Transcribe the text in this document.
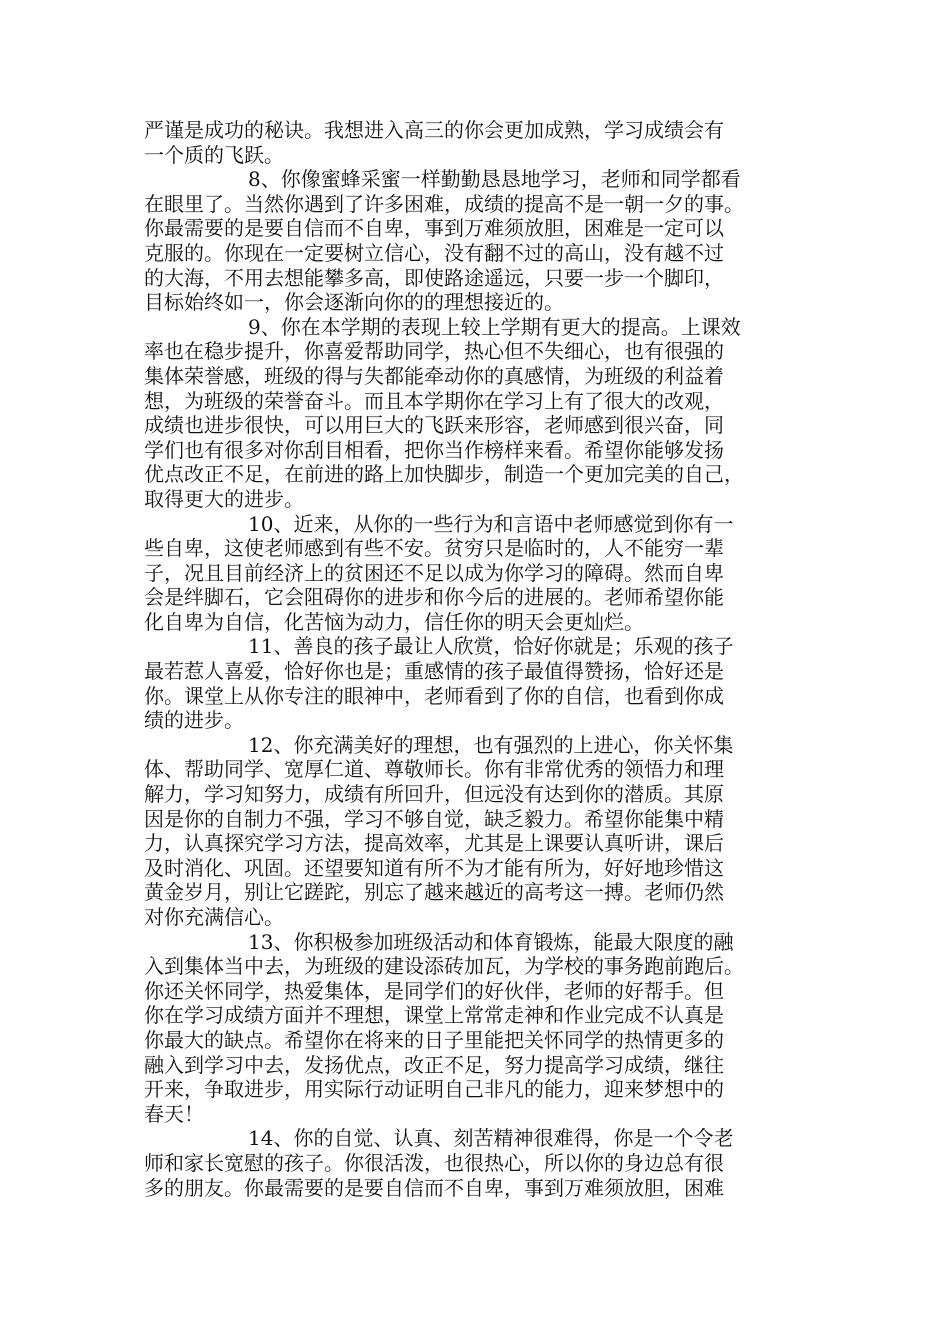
严谨是成功的秘诀。我想进入高三的你会更加成熟，学习成绩会有
一个质的飞跃。
8、你像蜜蜂采蜜一样勤勤恳恳地学习，老师和同学都看
在眼里了。当然你遇到了许多困难，成绩的提高不是一朝一夕的事。
你最需要的是要自信而不自卑，事到万难须放胆，困难是一定可以
克服的。你现在一定要树立信心，没有翻不过的高山，没有越不过
的大海，不用去想能攀多高，即使路途遥远，只要一步一个脚印，
目标始终如一，你会逐渐向你的的理想接近的。
9、你在本学期的表现上较上学期有更大的提高。上课效
率也在稳步提升，你喜爱帮助同学，热心但不失细心，也有很强的
集体荣誉感，班级的得与失都能牵动你的真感情，为班级的利益着
想，为班级的荣誉奋斗。而且本学期你在学习上有了很大的改观，
成绩也进步很快，可以用巨大的飞跃来形容，老师感到很兴奋，同
学们也有很多对你刮目相看，把你当作榜样来看。希望你能够发扬
优点改正不足，在前进的路上加快脚步，制造一个更加完美的自己，
取得更大的进步。
10、近来，从你的一些行为和言语中老师感觉到你有一
些自卑，这使老师感到有些不安。贫穷只是临时的，人不能穷一辈
子，况且目前经济上的贫困还不足以成为你学习的障碍。然而自卑
会是绊脚石，它会阻碍你的进步和你今后的进展的。老师希望你能
化自卑为自信，化苦恼为动力，信任你的明天会更灿烂。
11、善良的孩子最让人欣赏，恰好你就是；乐观的孩子
最若惹人喜爱，恰好你也是；重感情的孩子最值得赞扬，恰好还是
你。课堂上从你专注的眼神中，老师看到了你的自信，也看到你成
绩的进步。
12、你充满美好的理想，也有强烈的上进心，你关怀集
体、帮助同学、宽厚仁道、尊敬师长。你有非常优秀的领悟力和理
解力，学习知努力，成绩有所回升，但远没有达到你的潜质。其原
因是你的自制力不强，学习不够自觉，缺乏毅力。希望你能集中精
力，认真探究学习方法，提高效率，尤其是上课要认真听讲，课后
及时消化、巩固。还望要知道有所不为才能有所为，好好地珍惜这
黄金岁月，别让它蹉跎，别忘了越来越近的高考这一搏。老师仍然
对你充满信心。
13、你积极参加班级活动和体育锻炼，能最大限度的融
入到集体当中去，为班级的建设添砖加瓦，为学校的事务跑前跑后。
你还关怀同学，热爱集体，是同学们的好伙伴，老师的好帮手。但
你在学习成绩方面并不理想，课堂上常常走神和作业完成不认真是
你最大的缺点。希望你在将来的日子里能把关怀同学的热情更多的
融入到学习中去，发扬优点，改正不足，努力提高学习成绩，继往
开来，争取进步，用实际行动证明自己非凡的能力，迎来梦想中的
春天！
14、你的自觉、认真、刻苦精神很难得，你是一个令老
师和家长宽慰的孩子。你很活泼，也很热心，所以你的身边总有很
多的朋友。你最需要的是要自信而不自卑，事到万难须放胆，困难
